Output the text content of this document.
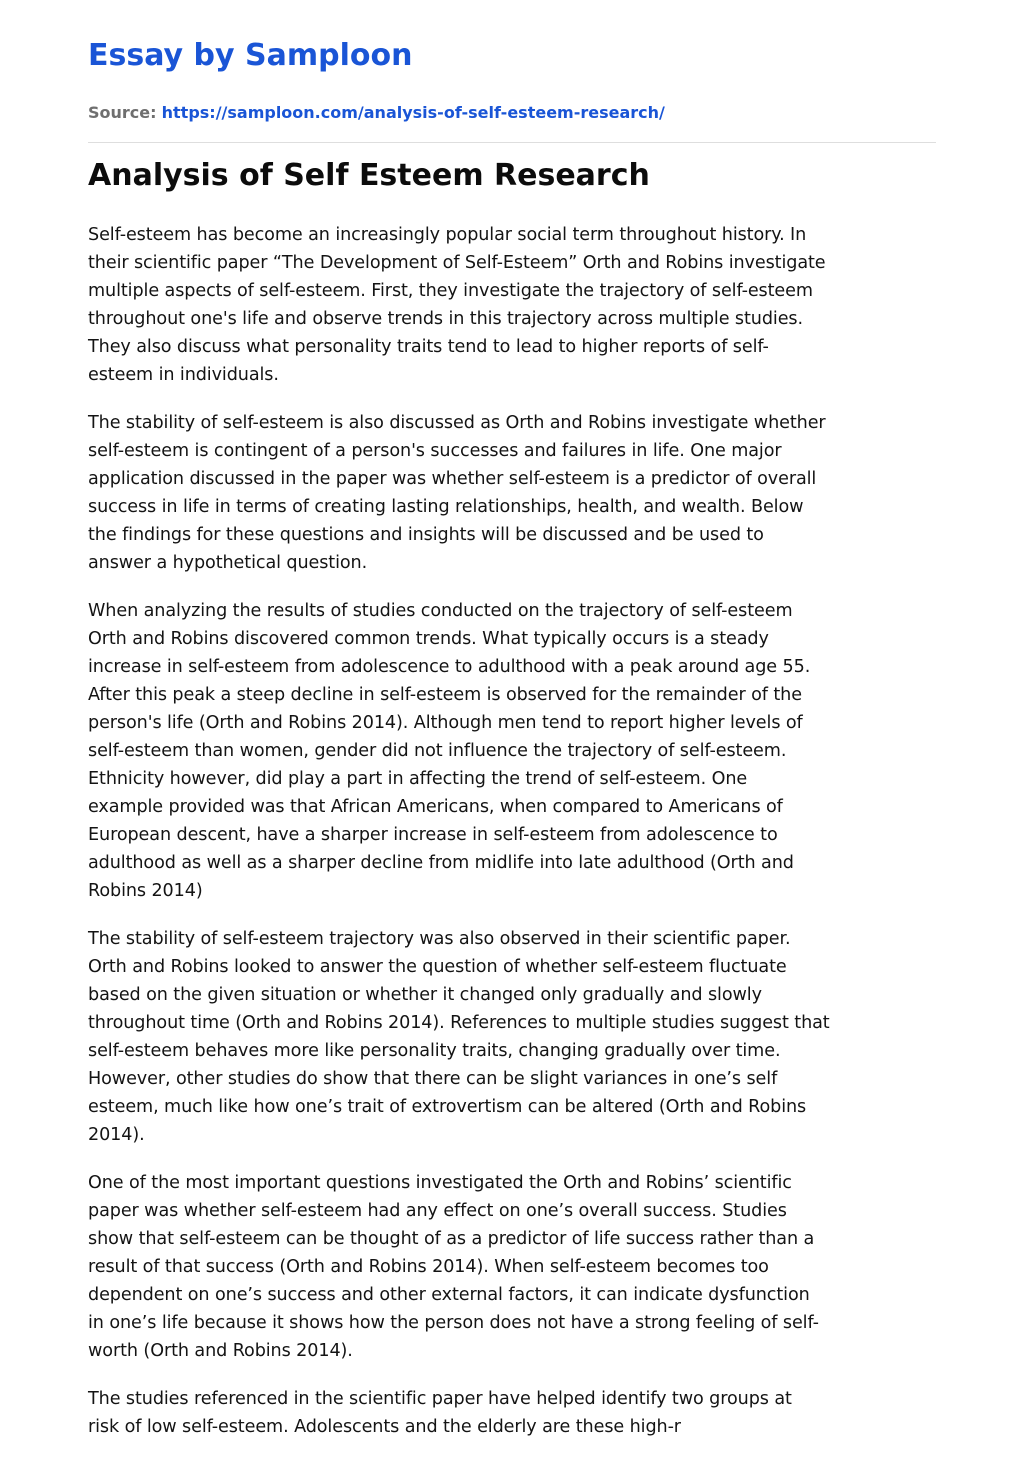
Essay by Samploon
Source: https://samploon.com/analysis-of-self-esteem-research/
Analysis of Self Esteem Research

Self-esteem has become an increasingly popular social term throughout history. In
their scientific paper “The Development of Self-Esteem” Orth and Robins investigate
multiple aspects of self-esteem. First, they investigate the trajectory of self-esteem
throughout one's life and observe trends in this trajectory across multiple studies.
They also discuss what personality traits tend to lead to higher reports of self-
esteem in individuals.

The stability of self-esteem is also discussed as Orth and Robins investigate whether
self-esteem is contingent of a person's successes and failures in life. One major
application discussed in the paper was whether self-esteem is a predictor of overall
success in life in terms of creating lasting relationships, health, and wealth. Below
the findings for these questions and insights will be discussed and be used to
answer a hypothetical question.

When analyzing the results of studies conducted on the trajectory of self-esteem
Orth and Robins discovered common trends. What typically occurs is a steady
increase in self-esteem from adolescence to adulthood with a peak around age 55.
After this peak a steep decline in self-esteem is observed for the remainder of the
person's life (Orth and Robins 2014). Although men tend to report higher levels of
self-esteem than women, gender did not influence the trajectory of self-esteem.
Ethnicity however, did play a part in affecting the trend of self-esteem. One
example provided was that African Americans, when compared to Americans of
European descent, have a sharper increase in self-esteem from adolescence to
adulthood as well as a sharper decline from midlife into late adulthood (Orth and
Robins 2014)

The stability of self-esteem trajectory was also observed in their scientific paper.
Orth and Robins looked to answer the question of whether self-esteem fluctuate
based on the given situation or whether it changed only gradually and slowly
throughout time (Orth and Robins 2014). References to multiple studies suggest that
self-esteem behaves more like personality traits, changing gradually over time.
However, other studies do show that there can be slight variances in one’s self
esteem, much like how one’s trait of extrovertism can be altered (Orth and Robins
2014).

One of the most important questions investigated the Orth and Robins’ scientific
paper was whether self-esteem had any effect on one’s overall success. Studies
show that self-esteem can be thought of as a predictor of life success rather than a
result of that success (Orth and Robins 2014). When self-esteem becomes too
dependent on one’s success and other external factors, it can indicate dysfunction
in one’s life because it shows how the person does not have a strong feeling of self-
worth (Orth and Robins 2014).

The studies referenced in the scientific paper have helped identify two groups at
risk of low self-esteem. Adolescents and the elderly are these high-r
